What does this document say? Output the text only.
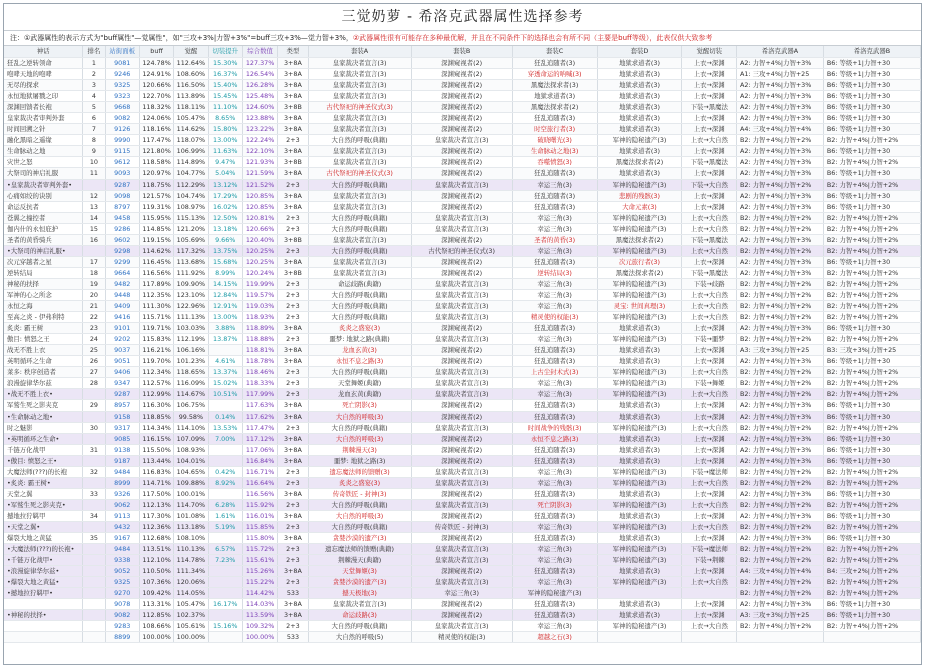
三觉奶萝 - 希洛克武器属性选择参考
注：①武器属性的表示方式为"buff属性"—觉属性"，如"三攻+3%|力智+3%"=buff三攻+3%—觉力智+3%，②武器属性很有可能存在多种最优解，并且在不同条件下的选择也会有所不同（主要是buff等级），此表仅供大致参考
神话	排名	站街面板	buff	觉醒	切装提升	综合数值	类型	套装A	套装B	套装C	套装D	觉醒切装	希洛克武器A	希洛克武器B
狂乱之逆转领命	1	9081	124.78%	112.64%	15.30%	127.37%	3+8A	皇家裁决者宣言(3)	深渊窥视者(2)	狂乱追随者(3)	地狱求道者(3)	上衣→深渊	A2: 力智+4%|力智+3%	B6: 等级+1|力智+30
咆哮天地的咆哮	2	9246	124.91%	108.60%	16.37%	126.54%	3+8A	皇家裁决者宣言(3)	深渊窥视者(2)	穿透命运的呐喊(3)	地狱求道者(3)	上衣→深渊	A1: 三攻+4%|力智+25	B6: 等级+1|力智+30
无尽的探求	3	9325	120.66%	116.50%	15.40%	126.28%	3+8A	皇家裁决者宣言(3)	深渊窥视者(2)	黑魔法探求者(3)	地狱求道者(3)	上衣→深渊	A2: 力智+4%|力智+3%	B6: 等级+1|力智+30
永恒地狱屠戮之印	4	9323	122.70%	113.89%	15.45%	125.48%	3+8A	皇家裁决者宣言(3)	深渊窥视者(2)	地狱求道者(3)	地狱求道者(3)	上衣→深渊	A2: 力智+4%|力智+3%	B6: 等级+1|力智+30
深渊回馈者长袍	5	9668	118.32%	118.11%	11.10%	124.60%	3+8B	古代祭祀的神圣仪式(3)	深渊窥视者(2)	黑魔法探求者(2)	地狱求道者(3)	下装→黑魔法	A2: 力智+4%|力智+3%	B6: 等级+1|力智+30
皇家裁决者审判外套	6	9082	124.06%	105.47%	8.65%	123.88%	3+8A	皇家裁决者宣言(3)	深渊窥视者(2)	狂乱追随者(3)	地狱求道者(3)	上衣→深渊	A2: 力智+4%|力智+3%	B6: 等级+1|力智+30
时间回溯之针	7	9126	118.16%	114.62%	15.80%	123.22%	3+8A	皇家裁决者宣言(3)	深渊窥视者(2)	时空旅行者(3)	地狱求道者(3)	上衣→深渊	A4: 三攻+4%|力智+4%	B6: 等级+1|力智+30
融化黑暗之遥缘	8	9990	117.47%	118.07%	13.00%	122.24%	2+3	大自然的呼吸(典籍)	皇家裁决者宣言(3)	破晓曙光(3)	军神的隐秘遗产(3)	上衣→大自然	B2: 力智+4%|力智+2%	B2: 力智+4%|力智+2%
生命脉动之地	9	9115	121.80%	106.99%	11.63%	122.10%	3+8A	皇家裁决者宣言(3)	深渊窥视者(2)	生命脉动之地(3)	地狱求道者(3)	上衣→深渊	A2: 力智+4%|力智+3%	B6: 等级+1|力智+30
灾世之怒	10	9612	118.58%	114.89%	9.47%	121.93%	3+8B	皇家裁决者宣言(3)	深渊窥视者(2)	吞噬愤怒(3)	黑魔法探求者(2)	下装→黑魔法	A2: 力智+4%|力智+3%	B2: 力智+4%|力智+2%
大祭司的神启礼服	11	9093	120.97%	104.77%	5.04%	121.59%	3+8A	古代祭祀的神圣仪式(3)	深渊窥视者(2)	狂乱追随者(3)	地狱求道者(3)	上衣→深渊	A2: 力智+4%|力智+3%	B6: 等级+1|力智+30
•皇家裁决者审判外套•		9287	118.75%	112.29%	13.12%	121.52%	2+3	大自然的呼吸(典籍)	皇家裁决者宣言(3)	幸运三角(3)	军神的隐秘遗产(3)	下装→大自然	B2: 力智+4%|力智+2%	B2: 力智+4%|力智+2%
心痛如绞的诀别	12	9098	121.57%	104.74%	17.29%	120.85%	3+8A	皇家裁决者宣言(3)	深渊窥视者(2)	狂乱追随者(3)	悲剧的残骸(3)	上衣→深渊	A2: 力智+4%|力智+3%	B6: 等级+1|力智+30
命运反抗者	13	8797	119.31%	108.97%	16.02%	120.85%	3+8A	皇家裁决者宣言(3)	深渊窥视者(2)	狂乱追随者(3)	大命元素(3)	上衣→深渊	A2: 力智+4%|力智+3%	B6: 等级+1|力智+30
苍翼之撞控者	14	9458	115.95%	115.13%	12.50%	120.81%	2+3	大自然的呼吸(典籍)	皇家裁决者宣言(3)	幸运三角(3)	军神的隐秘遗产(3)	上衣→大自然	B2: 力智+4%|力智+2%	B2: 力智+4%|力智+2%
伽内什的永恒庇护	15	9286	114.85%	121.20%	13.18%	120.66%	2+3	大自然的呼吸(典籍)	皇家裁决者宣言(3)	幸运三角(3)	军神的隐秘遗产(3)	上衣→大自然	B2: 力智+4%|力智+2%	B2: 力智+4%|力智+2%
圣者的黄昏骑兵	16	9602	119.15%	105.69%	9.66%	120.40%	3+8B	皇家裁决者宣言(3)	深渊窥视者(2)	圣者的黄昏(3)	黑魔法探求者(2)	下装→黑魔法	A2: 力智+4%|力智+3%	B2: 力智+4%|力智+2%
•大祭司的神启礼服•		9298	114.62%	117.32%	13.75%	120.25%	2+3	大自然的呼吸(典籍)	古代祭祀的神圣仪式(3)	幸运三角(3)	军神的隐秘遗产(3)	上衣→大自然	B2: 力智+4%|力智+2%	B2: 力智+4%|力智+2%
次元穿越者之星	17	9299	116.45%	113.68%	15.68%	120.25%	3+8A	皇家裁决者宣言(3)	深渊窥视者(2)	狂乱追随者(3)	次元旅行者(3)	上衣→深渊	A2: 力智+4%|力智+3%	B6: 等级+1|力智+30
逆转结局	18	9664	116.56%	111.92%	8.99%	120.24%	3+8B	皇家裁决者宣言(3)	深渊窥视者(2)	逆转结局(3)	黑魔法探求者(2)	下装→黑魔法	A2: 力智+4%|力智+3%	B2: 力智+4%|力智+2%
神秘的扶择	19	9482	117.89%	109.90%	14.15%	119.99%	2+3	命运歧路(典籍)	皇家裁决者宣言(3)	幸运三角(3)	军神的隐秘遗产(3)	下装→歧路	B2: 力智+4%|力智+2%	B2: 力智+4%|力智+2%
军神的心之所念	20	9448	112.35%	123.10%	12.84%	119.57%	2+3	大自然的呼吸(典籍)	皇家裁决者宣言(3)	幸运三角(3)	军神的隐秘遗产(3)	上衣→大自然	B2: 力智+4%|力智+2%	B2: 力智+4%|力智+2%
永恒之海	21	9409	111.30%	122.96%	12.91%	119.03%	2+3	大自然的呼吸(典籍)	皇家裁决者宣言(3)	幸运三角(3)	灵宝: 世间真理(3)	上衣→大自然	B2: 力智+4%|力智+2%	B2: 力智+4%|力智+2%
至高之炎 - 伊弗利特	22	9416	115.71%	111.13%	13.00%	118.93%	2+3	大自然的呼吸(典籍)	皇家裁决者宣言(3)	精灵使的权能(3)	军神的隐秘遗产(3)	上衣→大自然	B2: 力智+4%|力智+2%	B2: 力智+4%|力智+2%
炙炎: 霸王树	23	9101	119.71%	103.03%	3.88%	118.89%	3+8A	炙炎之盛宴(3)	深渊窥视者(2)	狂乱追随者(3)	地狱求道者(3)	上衣→深渊	A2: 力智+4%|力智+3%	B6: 等级+1|力智+30
傲目: 愤怒之王	24	9202	115.83%	112.19%	13.87%	118.88%	2+3	噩梦: 地狱之路(典籍)	皇家裁决者宣言(3)	幸运三角(3)	军神的隐秘遗产(3)	下装→噩梦	B2: 力智+4%|力智+2%	B2: 力智+4%|力智+2%
战无不胜上衣	25	9037	116.21%	106.16%		118.81%	3+8A	龙血玄黄(3)	深渊窥视者(2)	狂乱追随者(3)	地狱求道者(3)	上衣→深渊	A3: 三攻+3%|力智+25	B3: 三攻+3%|力智+25
英明循环之生命	26	9051	119.70%	101.23%	4.61%	118.78%	3+8A	永恒不息之路(3)	深渊窥视者(2)	狂乱追随者(3)	地狱求道者(3)	上衣→深渊	A2: 力智+4%|力智+3%	B6: 等级+1|力智+30
莱多: 秩序创造者	27	9406	112.34%	118.65%	13.37%	118.46%	2+3	大自然的呼吸(典籍)	皇家裁决者宣言(3)	上古尘封术式(3)	军神的隐秘遗产(3)	上衣→大自然	B2: 力智+4%|力智+2%	B2: 力智+4%|力智+2%
浪漫旋律华尔兹	28	9347	112.57%	116.09%	15.02%	118.33%	2+3	天堂舞姬(典籍)	皇家裁决者宣言(3)	幸运三角(3)	军神的隐秘遗产(3)	下装→舞姬	B2: 力智+4%|力智+2%	B2: 力智+4%|力智+2%
•战无不胜上衣•		9287	112.99%	114.67%	10.51%	117.99%	2+3	龙血玄黄(典籍)	皇家裁决者宣言(3)	幸运三角(3)	军神的隐秘遗产(3)	上衣→大自然	B2: 力智+4%|力智+2%	B2: 力智+4%|力智+2%
军鹫生死之影夹克	29	8957	116.30%	106.75%		117.63%	3+8A	死亡阴影(3)	深渊窥视者(2)	狂乱追随者(3)	地狱求道者(3)	上衣→深渊	A2: 力智+4%|力智+3%	B6: 等级+1|力智+30
•生命脉动之地•		9158	118.85%	99.58%	0.14%	117.62%	3+8A	大自然的呼吸(3)	深渊窥视者(2)	狂乱追随者(3)	地狱求道者(3)	上衣→深渊	A2: 力智+4%|力智+3%	B6: 等级+1|力智+30
时之魅影	30	9317	114.34%	114.10%	13.53%	117.47%	2+3	大自然的呼吸(典籍)	皇家裁决者宣言(3)	时间战争的残骸(3)	军神的隐秘遗产(3)	上衣→大自然	B2: 力智+4%|力智+2%	B2: 力智+4%|力智+2%
•英明循环之生命•		9085	116.15%	107.09%	7.00%	117.12%	3+8A	大自然的呼吸(3)	深渊窥视者(2)	永恒不息之路(3)	地狱求道者(3)	上衣→深渊	A2: 力智+4%|力智+3%	B6: 等级+1|力智+30
千链万化战甲	31	9138	115.50%	108.93%		117.06%	3+8A	荆棘漫天(3)	深渊窥视者(2)	狂乱追随者(3)	地狱求道者(3)	上衣→深渊	A2: 力智+4%|力智+3%	B6: 等级+1|力智+30
•傲目: 愤怒之王•		9187	113.44%	104.01%		116.84%	3+8A	噩梦: 地狱之路(3)	深渊窥视者(2)	狂乱追随者(3)	地狱求道者(3)	上衣→深渊	A2: 力智+4%|力智+3%	B6: 等级+1|力智+30
大魔法师(???)的长袍	32	9484	116.83%	104.65%	0.42%	116.71%	2+3	遗忘魔法师的馈赠(3)	皇家裁决者宣言(3)	幸运三角(3)	军神的隐秘遗产(3)	下装→魔法师	B2: 力智+4%|力智+2%	B2: 力智+4%|力智+2%
•炙炎: 霸王树•		8999	114.71%	109.88%	8.92%	116.64%	2+3	炙炎之盛宴(3)	皇家裁决者宣言(3)	幸运三角(3)	军神的隐秘遗产(3)	上衣→大自然	B2: 力智+4%|力智+2%	B2: 力智+4%|力智+2%
天堂之翼	33	9326	117.50%	100.01%		116.56%	3+8A	传奇铁匠 - 封神(3)	深渊窥视者(2)	狂乱追随者(3)	地狱求道者(3)	上衣→深渊	A2: 力智+4%|力智+3%	B6: 等级+1|力智+30
•军鹫生死之影夹克•		9062	112.13%	114.70%	6.28%	115.92%	2+3	大自然的呼吸(典籍)	皇家裁决者宣言(3)	死亡阴影(3)	军神的隐秘遗产(3)	上衣→大自然	B2: 力智+4%|力智+2%	B2: 力智+4%|力智+2%
撼地拉狞羁甲	34	9113	117.30%	101.08%	1.61%	116.01%	3+8A	大自然的呼吸(3)	深渊窥视者(2)	狂乱追随者(3)	地狱求道者(3)	上衣→深渊	A2: 力智+4%|力智+3%	B6: 等级+1|力智+30
•天堂之翼•		9432	112.36%	113.18%	5.19%	115.85%	2+3	大自然的呼吸(典籍)	传奇铁匠 - 封神(3)	幸运三角(3)	军神的隐秘遗产(3)	上衣→大自然	B2: 力智+4%|力智+2%	B2: 力智+4%|力智+2%
爆裂大地之黄猛	35	9167	112.68%	108.10%		115.80%	3+8A	贪婪沙漠的遗产(3)	深渊窥视者(2)	狂乱追随者(3)	地狱求道者(3)	上衣→深渊	A2: 力智+4%|力智+3%	B6: 等级+1|力智+30
•大魔法师(???)的长袍•		9484	113.51%	110.13%	6.57%	115.72%	2+3	遗忘魔法师的馈赠(典籍)	皇家裁决者宣言(3)	幸运三角(3)	军神的隐秘遗产(3)	下装→魔法师	B2: 力智+4%|力智+2%	B2: 力智+4%|力智+2%
•千链万化战甲•		9338	112.10%	114.78%	7.23%	115.61%	2+3	荆棘漫天(典籍)	皇家裁决者宣言(3)	幸运三角(3)	军神的隐秘遗产(3)	下装→荆棘	B2: 力智+4%|力智+2%	B2: 力智+4%|力智+2%
•浪漫旋律华尔兹•		9052	110.50%	111.34%		115.26%	3+8A	天堂舞姬(3)	深渊窥视者(2)	狂乱追随者(3)	地狱求道者(3)	上衣→深渊	A4: 三攻+4%|力智+4%	B4: 三攻+2%|力智+2%
•爆裂大地之黄猛•		9325	107.36%	120.06%		115.22%	2+3	贪婪沙漠的遗产(3)	皇家裁决者宣言(3)	幸运三角(3)	军神的隐秘遗产(3)	上衣→大自然	B2: 力智+4%|力智+2%	B2: 力智+4%|力智+2%
•撼地拉狞羁甲•		9270	109.42%	114.05%		114.42%	533	撼天极地(3)	幸运三角(3)	军神的隐秘遗产(3)			B2: 力智+4%|力智+2%	B2: 力智+4%|力智+2%
		9078	113.31%	105.47%	16.17%	114.03%	3+8A	皇家裁决者宣言(3)	深渊窥视者(2)	狂乱追随者(3)	地狱求道者(3)	上衣→深渊	A2: 力智+4%|力智+3%	B6: 等级+1|力智+30
•神秘的扶择•		9082	112.85%	102.37%		113.59%	3+8A	命运歧路(3)	深渊窥视者(2)	狂乱追随者(3)	地狱求道者(3)	上衣→深渊	A3: 三攻+3%|力智+25	B6: 等级+1|力智+30
		9283	108.66%	105.61%	15.16%	109.32%	2+3	大自然的呼吸(典籍)	皇家裁决者宣言(3)	幸运三角(3)	军神的隐秘遗产(3)	上衣→大自然	B2: 力智+4%|力智+2%	B2: 力智+4%|力智+2%
		8899	100.00%	100.00%		100.00%	533	大自然的呼吸(5)	精灵使的权能(3)	超越之石(3)				
